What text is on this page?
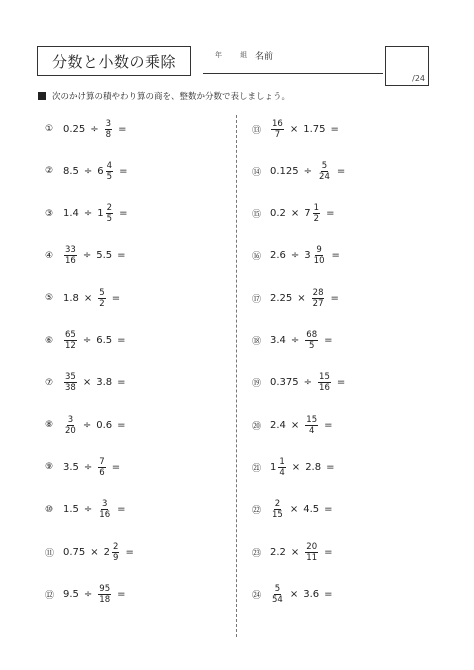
分数と小数の乗除	年	組 名前
/24
次のかけ算の積やわり算の商を、整数か分数で表しましょう。
① $0.25 \div \frac{3}{8}$ =
② $8.5 \div 6 \frac{4}{5}$ =
③ $1.4 \div 1 \frac{2}{5}$ =
④	$\frac{33}{16} \div 5.5$ =
⑤ $1.8 \times \frac{5}{2}$ =
⑥	$\frac{65}{12} \div 6.5$ =
⑦	$\frac{35}{38} \times 3.8$ =
⑧	$\frac{3}{20} \div 0.6$ =
⑨ $3.5 \div \frac{7}{6}$ =
⑩ $1.5 \div \frac{3}{16}$ =
⑪ $0.75 \times 2 \frac{2}{9}$ =
⑫ $9.5 \div \frac{95}{18}$ =
⑬	$\frac{16}{7} \times 1.75$ =
⑭ $0.125 \div \frac{5}{24}$ =
⑮ $0.2 \times 7 \frac{1}{2}$ =
⑯ $2.6 \div 3 \frac{9}{10}$ =
⑰ $2.25 \times \frac{28}{27}$ =
⑱ $3.4 \div \frac{68}{5}$ =
⑲ $0.375 \div \frac{15}{16}$ =
⑳ $2.4 \times \frac{15}{4}$ =
㉑ $1 \frac{1}{4} \times 2.8$ =
㉒	$\frac{2}{15} \times 4.5$ =
㉓ $2.2 \times \frac{20}{11}$ =
㉔	$\frac{5}{54} \times 3.6$ =
